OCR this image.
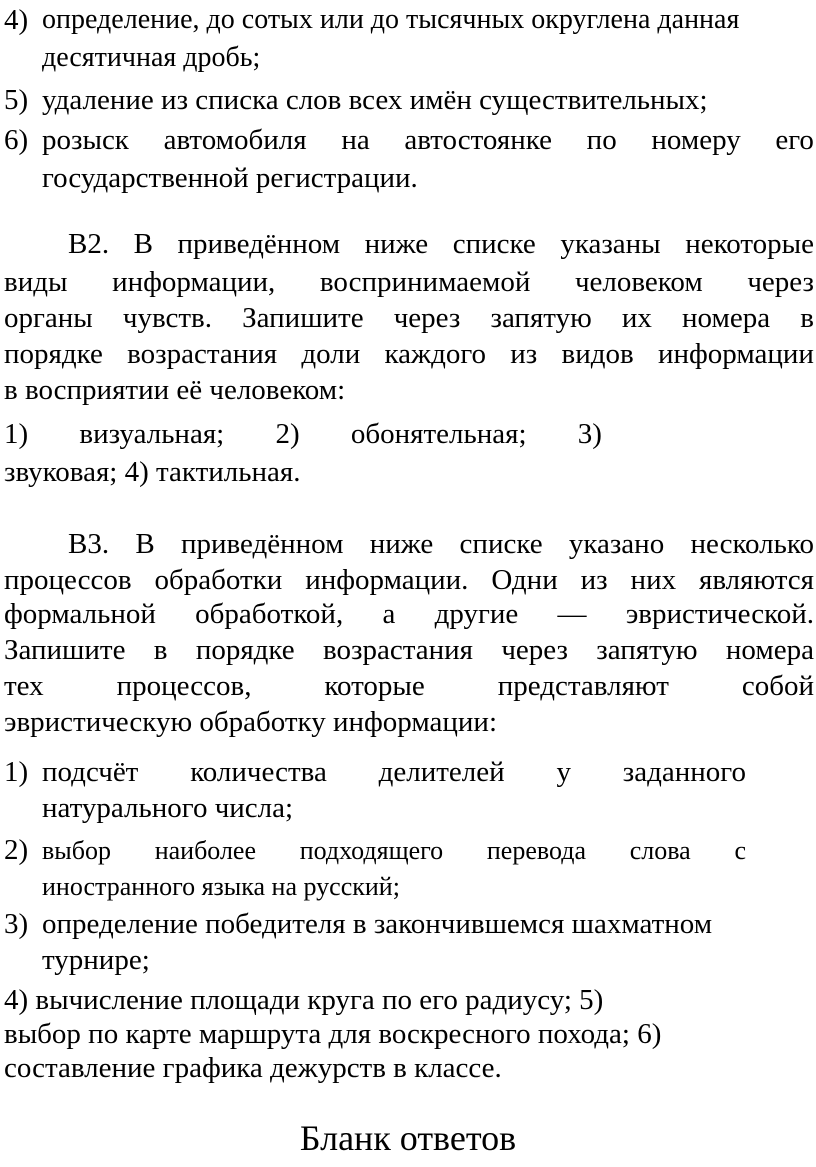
4) определение, до сотых или до тысячных округлена данная
десятичная дробь;
5) удаление из списка слов всех имён существительных;
6) розыск автомобиля на автостоянке по номеру его
государственной регистрации.
В2. В приведённом ниже списке указаны некоторые
виды информации, воспринимаемой человеком через
органы чувств. Запишите через запятую их номера в
порядке возрастания доли каждого из видов информации
в восприятии её человеком:
1) визуальная; 2) обонятельная; 3)
звуковая; 4) тактильная.
В3. В приведённом ниже списке указано несколько
процессов обработки информации. Одни из них являются
формальной обработкой, а другие — эвристической.
Запишите в порядке возрастания через запятую номера
тех	процессов,	которые	представляют	собой
эвристическую обработку информации:
1) подсчёт количества делителей у заданного
натурального числа;
2) выбор наиболее подходящего перевода слова с
иностранного языка на русский;
3) определение победителя в закончившемся шахматном
турнире;
4) вычисление площади круга по его радиусу; 5)
выбор по карте маршрута для воскресного похода; 6)
составление графика дежурств в классе.
Бланк ответов
